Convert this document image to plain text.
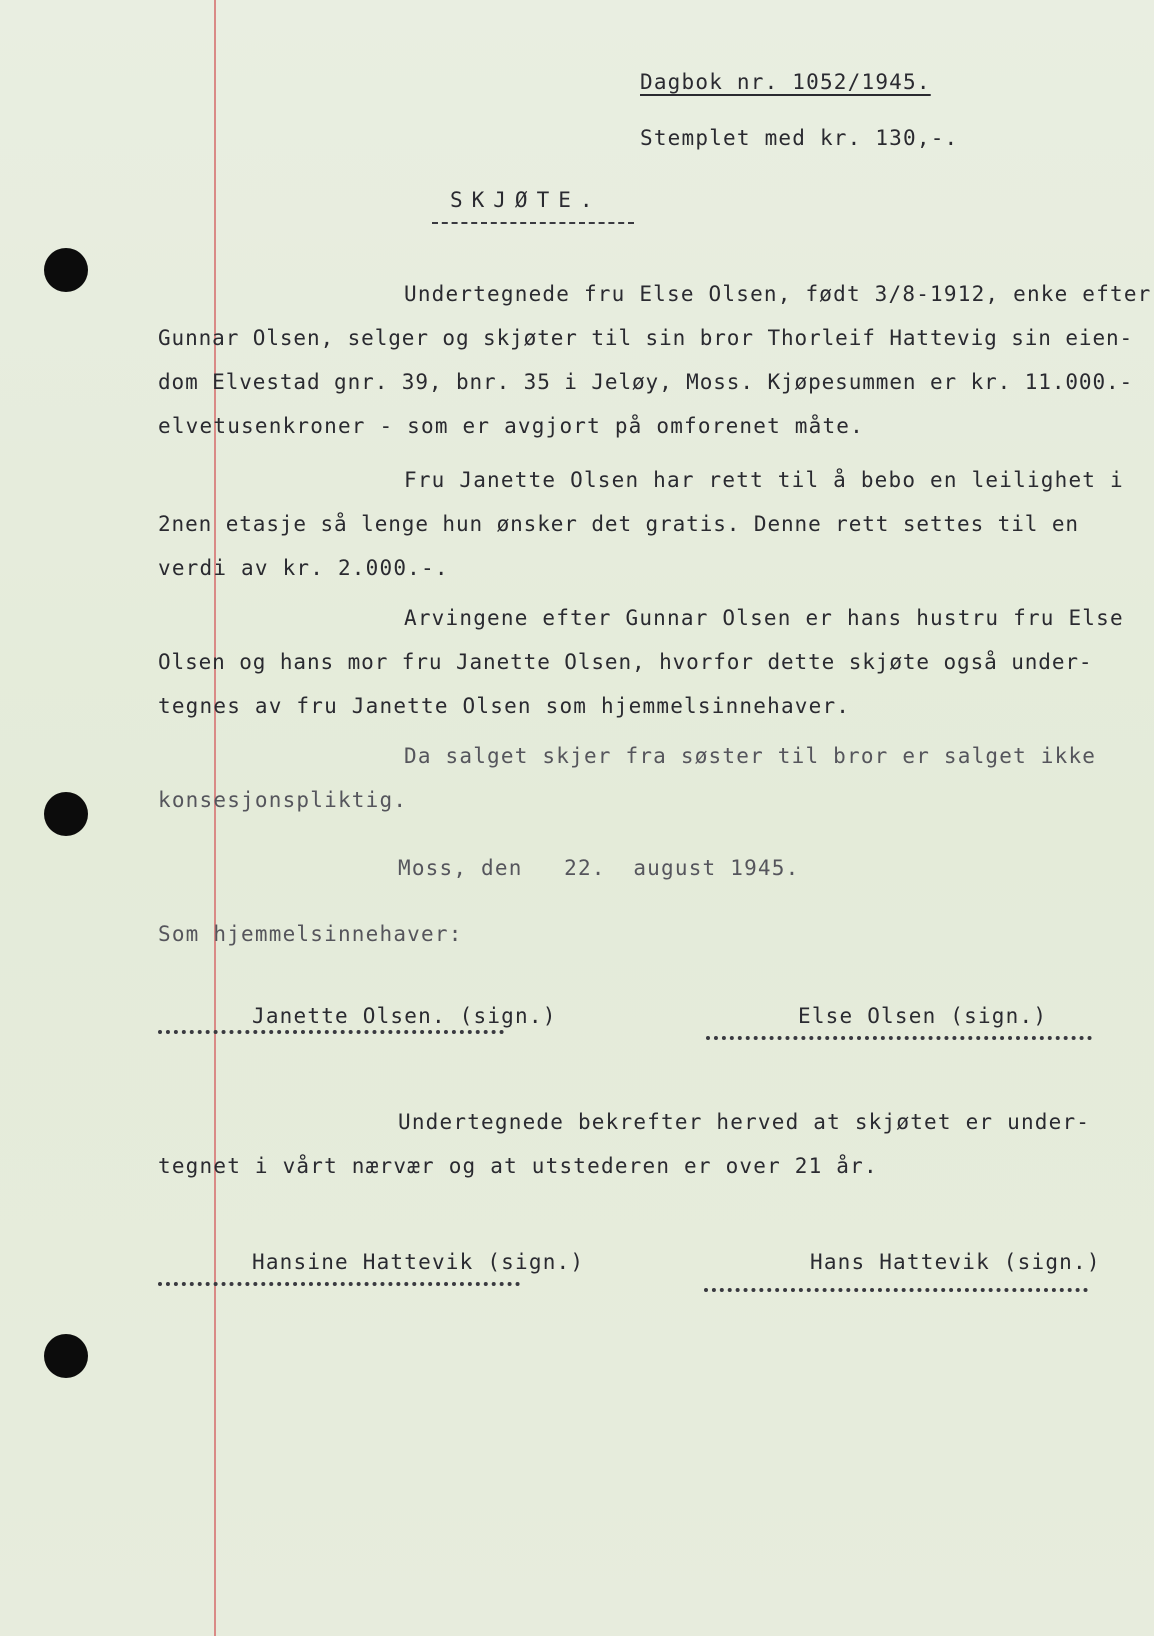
Dagbok nr. 1052/1945.
Stemplet med kr. 130,-.
SKJØTE.
Undertegnede fru Else Olsen, født 3/8-1912, enke efter
Gunnar Olsen, selger og skjøter til sin bror Thorleif Hattevig sin eien-
dom Elvestad gnr. 39, bnr. 35 i Jeløy, Moss. Kjøpesummen er kr. 11.000.-
elvetusenkroner - som er avgjort på omforenet måte.
Fru Janette Olsen har rett til å bebo en leilighet i
2nen etasje så lenge hun ønsker det gratis. Denne rett settes til en
verdi av kr. 2.000.-.
Arvingene efter Gunnar Olsen er hans hustru fru Else
Olsen og hans mor fru Janette Olsen, hvorfor dette skjøte også under-
tegnes av fru Janette Olsen som hjemmelsinnehaver.
Da salget skjer fra søster til bror er salget ikke
konsesjonspliktig.
Moss, den   22.  august 1945.
Som hjemmelsinnehaver:
Janette Olsen. (sign.)	Else Olsen (sign.)
Undertegnede bekrefter herved at skjøtet er under-
tegnet i vårt nærvær og at utstederen er over 21 år.
Hansine Hattevik (sign.)	Hans Hattevik (sign.)
